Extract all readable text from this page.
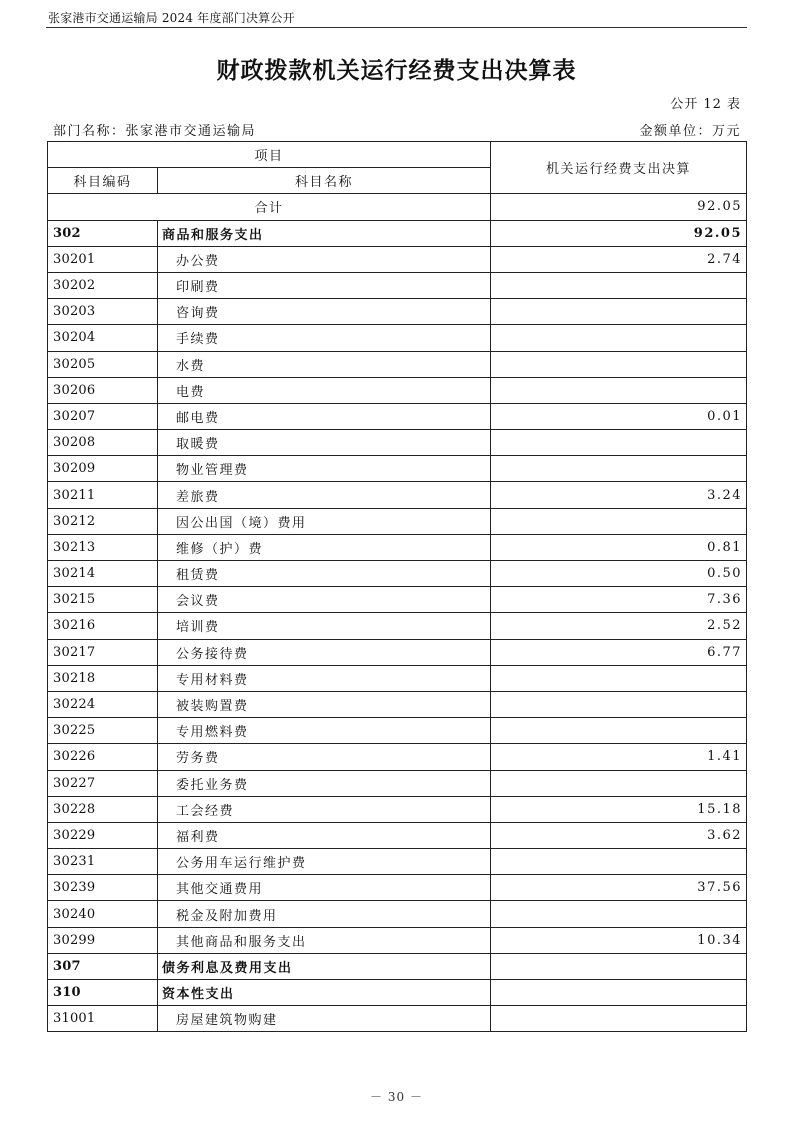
张家港市交通运输局 2024 年度部门决算公开
财政拨款机关运行经费支出决算表
公开 12 表
部门名称：张家港市交通运输局	金额单位：万元
项目		机关运行经费支出决算
科目编码	科目名称	
合计		92.05
302	商品和服务支出	92.05
30201	办公费	2.74
30202	印刷费	
30203	咨询费	
30204	手续费	
30205	水费	
30206	电费	
30207	邮电费	0.01
30208	取暖费	
30209	物业管理费	
30211	差旅费	3.24
30212	因公出国（境）费用	
30213	维修（护）费	0.81
30214	租赁费	0.50
30215	会议费	7.36
30216	培训费	2.52
30217	公务接待费	6.77
30218	专用材料费	
30224	被装购置费	
30225	专用燃料费	
30226	劳务费	1.41
30227	委托业务费	
30228	工会经费	15.18
30229	福利费	3.62
30231	公务用车运行维护费	
30239	其他交通费用	37.56
30240	税金及附加费用	
30299	其他商品和服务支出	10.34
307	债务利息及费用支出	
310	资本性支出	
31001	房屋建筑物购建	
－ 30 －
